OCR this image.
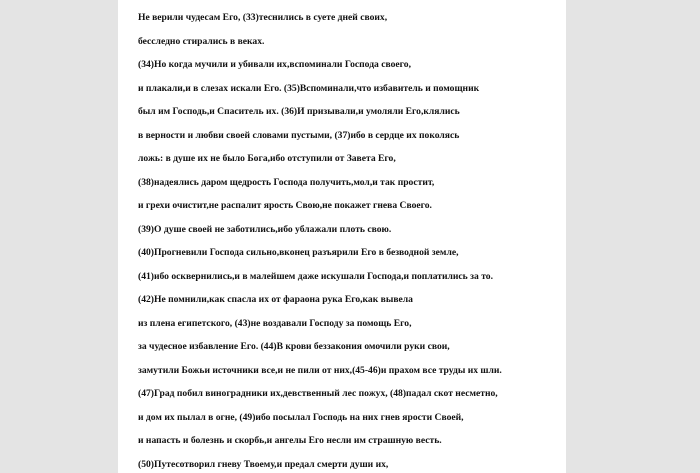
Не верили чудесам Его, (33)теснились в суете дней своих,
бесследно стирались в веках.
(34)Но когда мучили и убивали их,вспоминали Господа своего,
и плакали,и в слезах искали Его. (35)Вспоминали,что избавитель и помощник
был им Господь,и Спаситель их. (36)И призывали,и умоляли Его,клялись
в верности и любви своей словами пустыми, (37)ибо в сердце их поколясь
ложь: в душе их не было Бога,ибо отступили от Завета Его,
(38)надеялись даром щедрость Господа получить,мол,и так простит,
и грехи очистит,не распалит ярость Свою,не покажет гнева Своего.
(39)О душе своей не заботились,ибо ублажали плоть свою.
(40)Прогневили Господа сильно,вконец разъярили Его в безводной земле,
(41)ибо осквернились,и в малейшем даже искушали Господа,и поплатились за то.
(42)Не помнили,как спасла их от фараона рука Его,как вывела
из плена египетского, (43)не воздавали Господу за помощь Его,
за чудесное избавление Его. (44)В крови беззакония омочили руки свои,
замутили Божьи источники все,и не пили от них,(45-46)и прахом все труды их шли.
(47)Град побил виноградники их,девственный лес пожух, (48)падал скот несметно,
и дом их пылал в огне, (49)ибо посылал Господь на них гнев ярости Своей,
и напасть и болезнь и скорбь,и ангелы Его несли им страшную весть.
(50)Путесотворил гневу Твоему,и предал смерти души их,
